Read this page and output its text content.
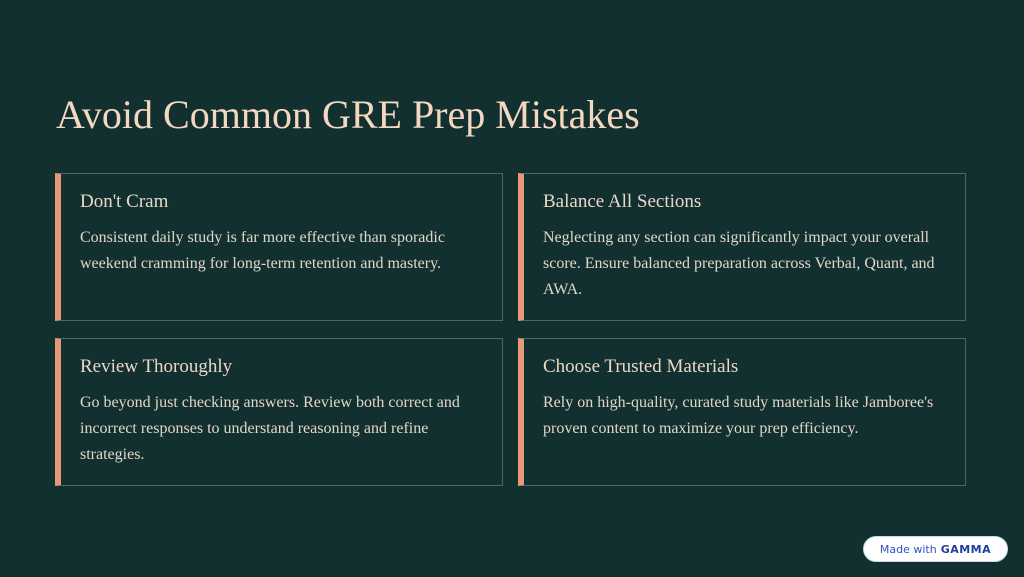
Avoid Common GRE Prep Mistakes
Don't Cram

Consistent daily study is far more effective than sporadic weekend cramming for long-term retention and mastery.

Balance All Sections

Neglecting any section can significantly impact your overall score. Ensure balanced preparation across Verbal, Quant, and AWA.

Review Thoroughly

Go beyond just checking answers. Review both correct and incorrect responses to understand reasoning and refine strategies.

Choose Trusted Materials

Rely on high-quality, curated study materials like Jamboree's proven content to maximize your prep efficiency.

Made with GAMMA
